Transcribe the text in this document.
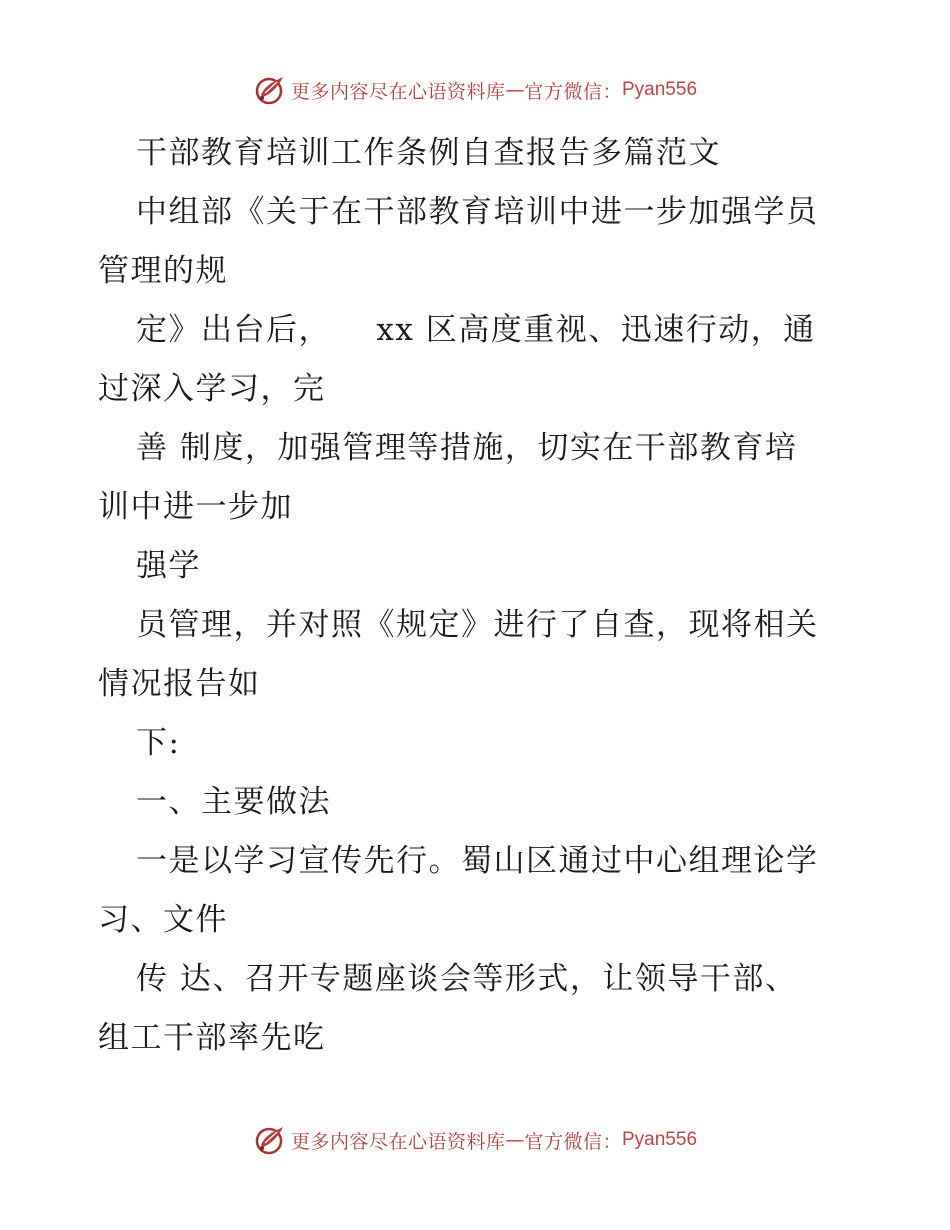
更多内容尽在心语资料库 — 官方微信： Pyan556
干部教育培训工作条例自查报告多篇范文
中组部《关于在干部教育培训中进一步加强学员
管理的规
定》出台后，    xx 区高度重视、迅速行动，通
过深入学习，完
善 制度，加强管理等措施，切实在干部教育培
训中进一步加
强学
员管理，并对照《规定》进行了自查，现将相关
情况报告如
下:
一、主要做法
一是以学习宣传先行。蜀山区通过中心组理论学
习、文件
传 达、召开专题座谈会等形式，让领导干部、
组工干部率先吃
更多内容尽在心语资料库 — 官方微信： Pyan556
